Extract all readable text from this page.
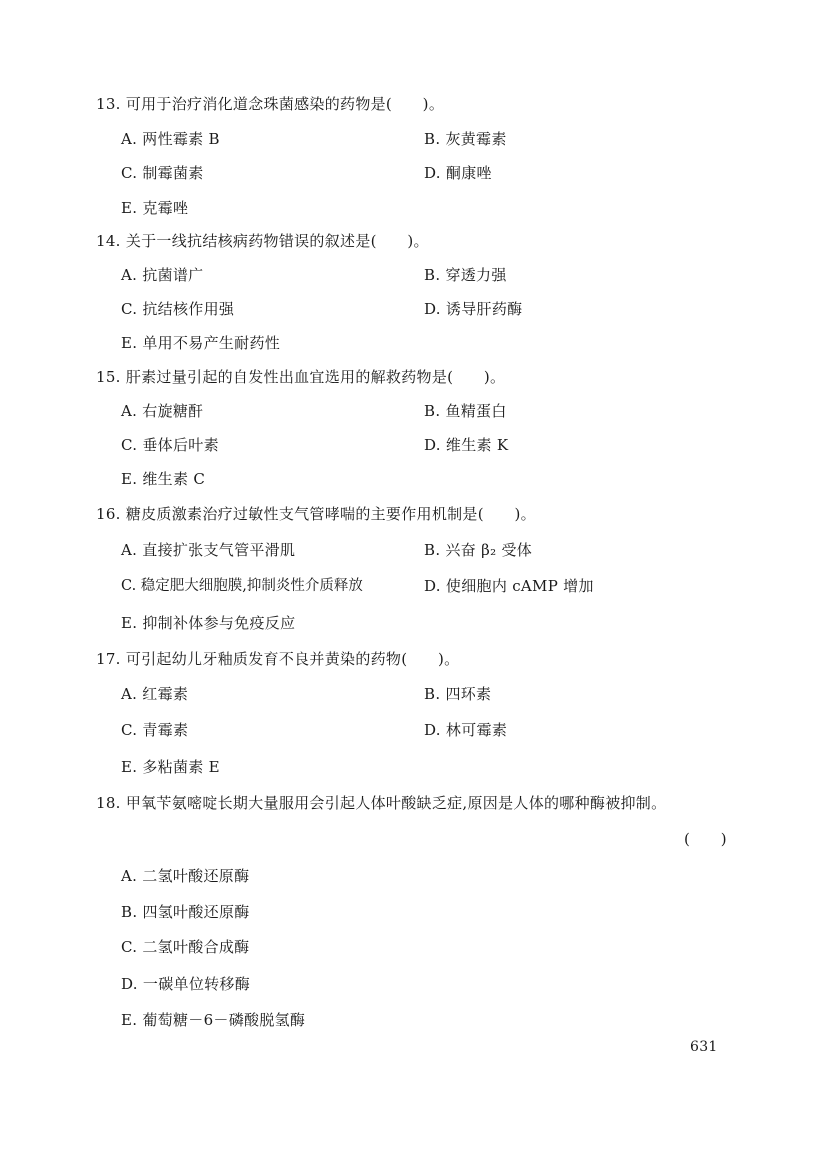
13. 可用于治疗消化道念珠菌感染的药物是(　　)。
A. 两性霉素 B	B. 灰黄霉素
C. 制霉菌素	D. 酮康唑
E. 克霉唑
14. 关于一线抗结核病药物错误的叙述是(　　)。
A. 抗菌谱广	B. 穿透力强
C. 抗结核作用强	D. 诱导肝药酶
E. 单用不易产生耐药性
15. 肝素过量引起的自发性出血宜选用的解救药物是(　　)。
A. 右旋糖酐	B. 鱼精蛋白
C. 垂体后叶素	D. 维生素 K
E. 维生素 C
16. 糖皮质激素治疗过敏性支气管哮喘的主要作用机制是(　　)。
A. 直接扩张支气管平滑肌	B. 兴奋 β₂ 受体
C. 稳定肥大细胞膜,抑制炎性介质释放	D. 使细胞内 cAMP 增加
E. 抑制补体参与免疫反应
17. 可引起幼儿牙釉质发育不良并黄染的药物(　　)。
A. 红霉素	B. 四环素
C. 青霉素	D. 林可霉素
E. 多粘菌素 E
18. 甲氧苄氨嘧啶长期大量服用会引起人体叶酸缺乏症,原因是人体的哪种酶被抑制。
(　　)
A. 二氢叶酸还原酶
B. 四氢叶酸还原酶
C. 二氢叶酸合成酶
D. 一碳单位转移酶
E. 葡萄糖－6－磷酸脱氢酶
631
